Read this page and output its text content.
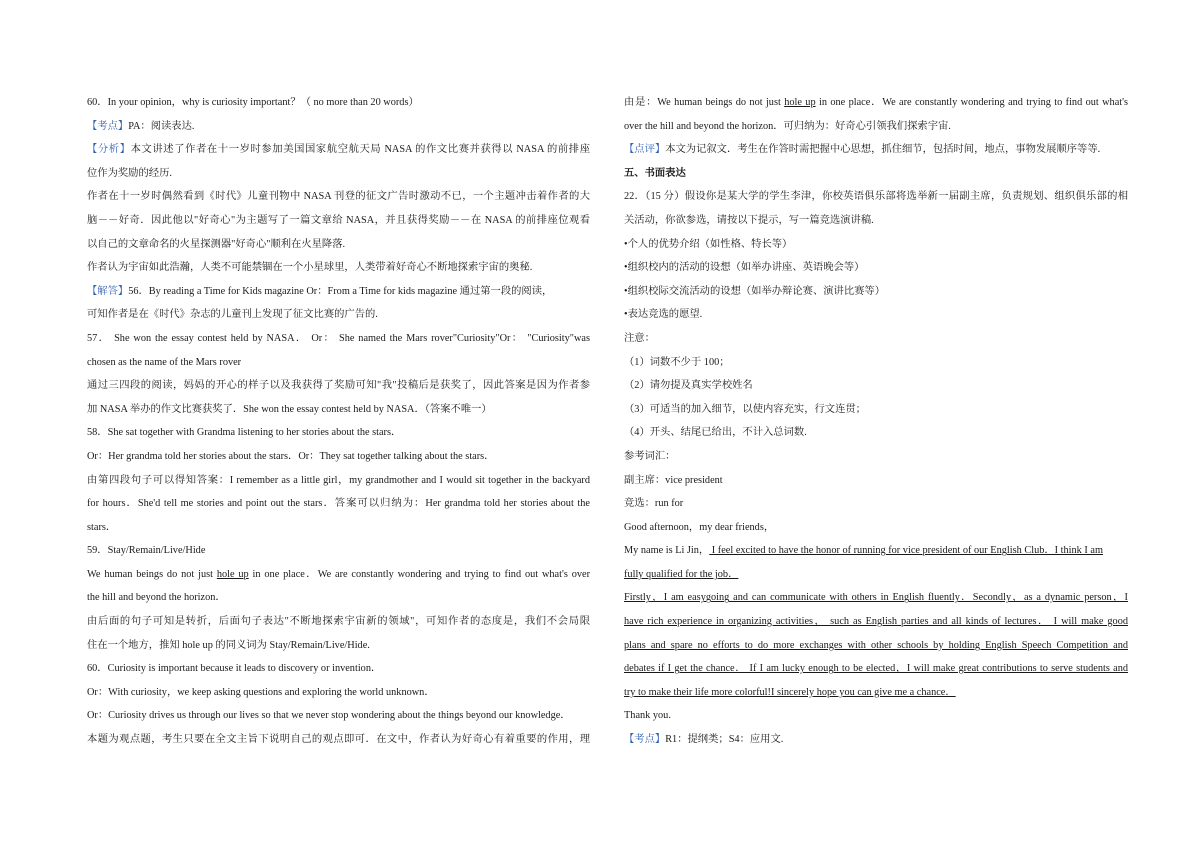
60．In your opinion，why is curiosity important？（ no more than 20 words）
【考点】PA：阅读表达.
【分析】本文讲述了作者在十一岁时参加美国国家航空航天局 NASA 的作文比赛并获得以 NASA 的前排座
位作为奖励的经历.
作者在十一岁时偶然看到《时代》儿童刊物中 NASA 刊登的征文广告时激动不已，一个主题冲击着作者的大
脑－－好奇．因此他以"好奇心"为主题写了一篇文章给 NASA，并且获得奖励－－在 NASA 的前排座位观看
以自己的文章命名的火星探测器"好奇心"顺利在火星降落.
作者认为宇宙如此浩瀚，人类不可能禁锢在一个小星球里，人类带着好奇心不断地探索宇宙的奥秘.
【解答】56．By reading a Time for Kids magazine Or：From a Time for kids magazine 通过第一段的阅读，
可知作者是在《时代》杂志的儿童刊上发现了征文比赛的广告的.
57． She won the essay contest held by NASA． Or： She named the Mars rover"Curiosity"Or： "Curiosity"was
chosen as the name of the Mars rover
通过三四段的阅读，妈妈的开心的样子以及我获得了奖励可知"我"投稿后是获奖了，因此答案是因为作者参
加 NASA 举办的作文比赛获奖了．She won the essay contest held by NASA．（答案不唯一）
58．She sat together with Grandma listening to her stories about the stars．
Or：Her grandma told her stories about the stars．Or：They sat together talking about the stars．
由第四段句子可以得知答案：I remember as a little girl，my grandmother and I would sit together in the backyard
for hours．She'd tell me stories and point out the stars．答案可以归纳为：Her grandma told her stories about the
stars．
59．Stay/Remain/Live/Hide
We human beings do not just hole up in one place．We are constantly wondering and trying to find out what's over
the hill and beyond the horizon．
由后面的句子可知是转折，后面句子表达"不断地探索宇宙新的领域"，可知作者的态度是，我们不会局限
住在一个地方，推知 hole up 的同义词为 Stay/Remain/Live/Hide.
60．Curiosity is important because it leads to discovery or invention．
Or：With curiosity，we keep asking questions and exploring the world unknown．
Or：Curiosity drives us through our lives so that we never stop wondering about the things beyond our knowledge．
本题为观点题，考生只要在全文主旨下说明自己的观点即可．在文中，作者认为好奇心有着重要的作用，理
由是：We human beings do not just hole up in one place．We are constantly wondering and trying to find out what's
over the hill and beyond the horizon．可归纳为：好奇心引领我们探索宇宙.
【点评】本文为记叙文．考生在作答时需把握中心思想，抓住细节，包括时间，地点，事物发展顺序等等.
五、书面表达
22．（15 分）假设你是某大学的学生李津，你校英语俱乐部将选举新一届副主席，负责规划、组织俱乐部的相
关活动，你欲参选，请按以下提示，写一篇竞选演讲稿.
•个人的优势介绍（如性格、特长等）
•组织校内的活动的设想（如举办讲座、英语晚会等）
•组织校际交流活动的设想（如举办辩论赛、演讲比赛等）
•表达竞选的愿望.
注意：
（1）词数不少于 100；
（2）请勿提及真实学校姓名
（3）可适当的加入细节，以使内容充实，行文连贯；
（4）开头、结尾已给出，不计入总词数.
参考词汇：
副主席：vice president
竞选：run for
Good afternoon，my dear friends，
My name is Li Jin， I feel excited to have the honor of running for vice president of our English Club．I think I am
fully qualified for the job．
Firstly，I am easygoing and can communicate with others in English fluently．Secondly，as a dynamic person，I
have rich experience in organizing activities， such as English parties and all kinds of lectures． I will make good
plans and spare no efforts to do more exchanges with other schools by holding English Speech Competition and
debates if I get the chance． If I am lucky enough to be elected，I will make great contributions to serve students and
try to make their life more colorful!I sincerely hope you can give me a chance．
Thank you.
【考点】R1：提纲类；S4：应用文.
